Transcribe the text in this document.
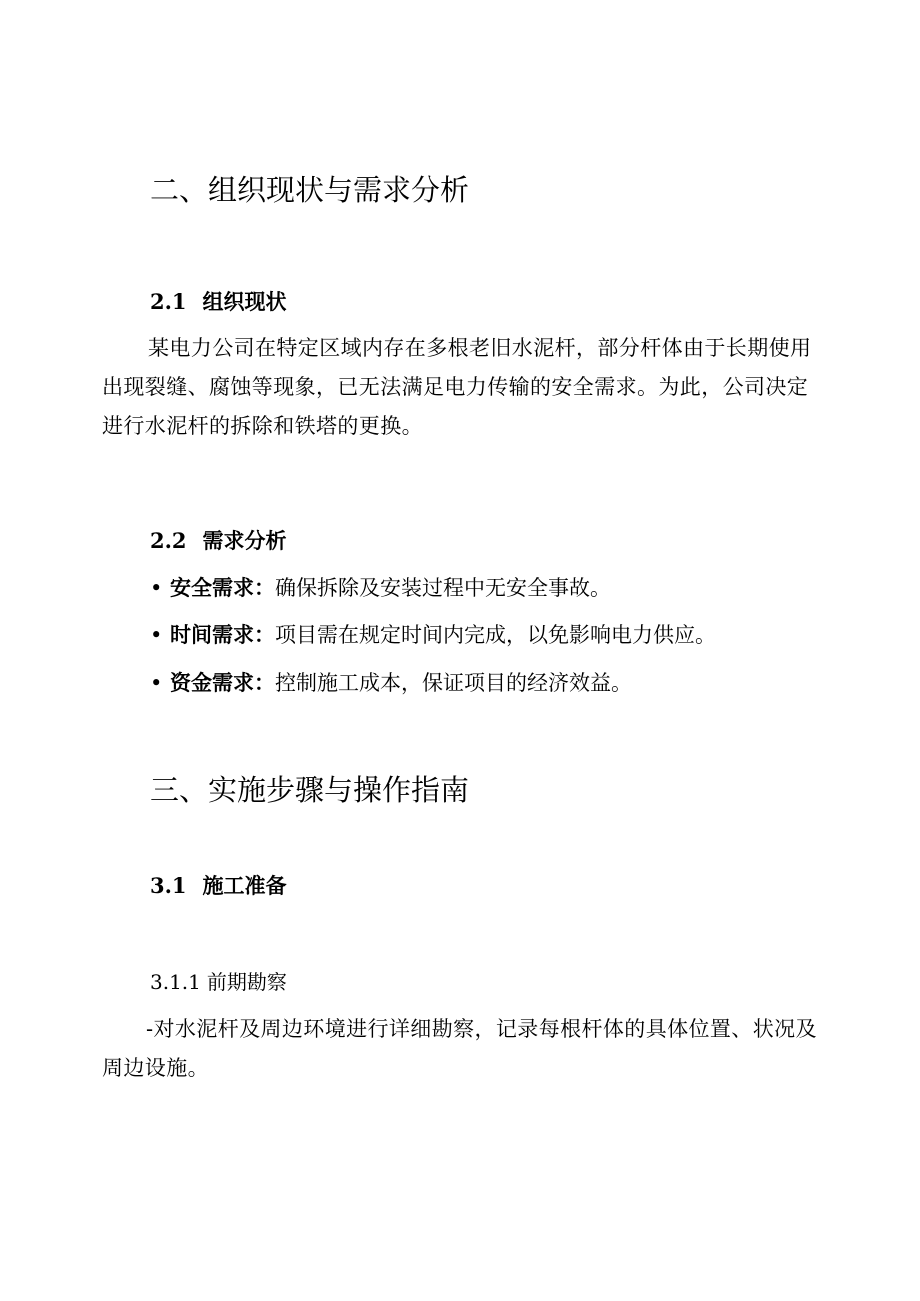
二、组织现状与需求分析
2.1 组织现状

某电力公司在特定区域内存在多根老旧水泥杆，部分杆体由于长期使用出现裂缝、腐蚀等现象，已无法满足电力传输的安全需求。为此，公司决定进行水泥杆的拆除和铁塔的更换。

2.2 需求分析

• 安全需求：确保拆除及安装过程中无安全事故。

• 时间需求：项目需在规定时间内完成，以免影响电力供应。

• 资金需求：控制施工成本，保证项目的经济效益。

三、实施步骤与操作指南
3.1 施工准备

3.1.1 前期勘察

-对水泥杆及周边环境进行详细勘察，记录每根杆体的具体位置、状况及周边设施。
